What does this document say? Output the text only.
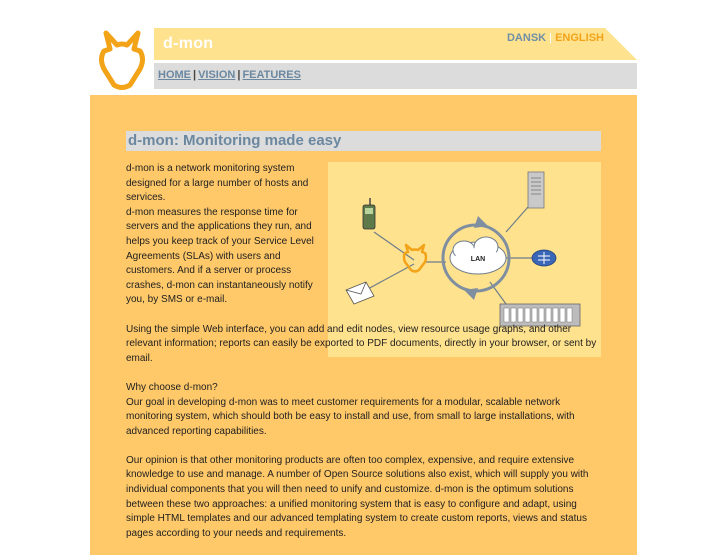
d-mon	DANSK | ENGLISH
HOME | VISION | FEATURES
d-mon: Monitoring made easy
LAN
d-mon is a network monitoring system designed for a large number of hosts and services.

d-mon measures the response time for servers and the applications they run, and helps you keep track of your Service Level Agreements (SLAs) with users and customers. And if a server or process crashes, d-mon can instantaneously notify you, by SMS or e-mail.

Using the simple Web interface, you can add and edit nodes, view resource usage graphs, and other relevant information; reports can easily be exported to PDF documents, directly in your browser, or sent by email.

Why choose d-mon?

Our goal in developing d-mon was to meet customer requirements for a modular, scalable network monitoring system, which should both be easy to install and use, from small to large installations, with advanced reporting capabilities.

Our opinion is that other monitoring products are often too complex, expensive, and require extensive knowledge to use and manage. A number of Open Source solutions also exist, which will supply you with individual components that you will then need to unify and customize. d-mon is the optimum solutions between these two approaches: a unified monitoring system that is easy to configure and adapt, using simple HTML templates and our advanced templating system to create custom reports, views and status pages according to your needs and requirements.
